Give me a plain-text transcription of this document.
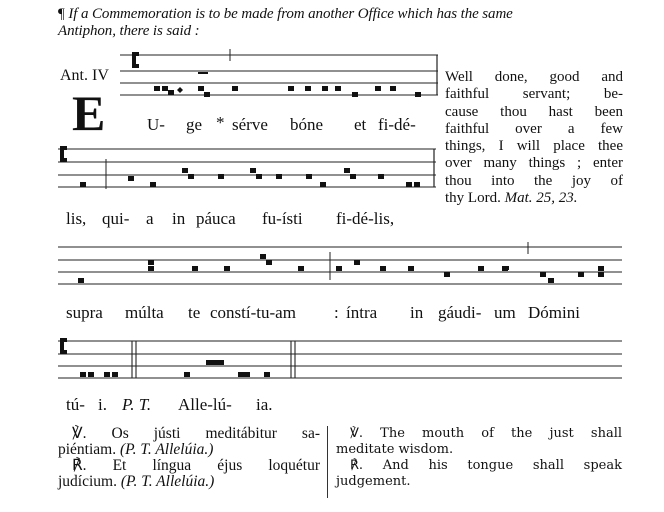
¶ If a Commemoration is to be made from another Office which has the same
Antiphon, there is said :
Ant. IV
E U- ge * sérve bóne et fi-dé-
Well done, good and
faithful servant; be-
cause thou hast been
faithful over a few
things, I will place thee
over many things ; enter
thou into the joy of
thy Lord. Mat. 25, 23.
lis, qui- a in páuca fu-ísti fi-dé-lis,
supra múlta te constí-tu-am : íntra in gáudi- um Dómini
tú- i. P. T. Alle-lú- ia.
℣. Os jústi meditábitur sa-
piéntiam. (P. T. Allelúia.)
℟. Et língua éjus loquétur
judícium. (P. T. Allelúia.)
℣. The mouth of the just shall
meditate wisdom.
℟. And his tongue shall speak
judgement.
